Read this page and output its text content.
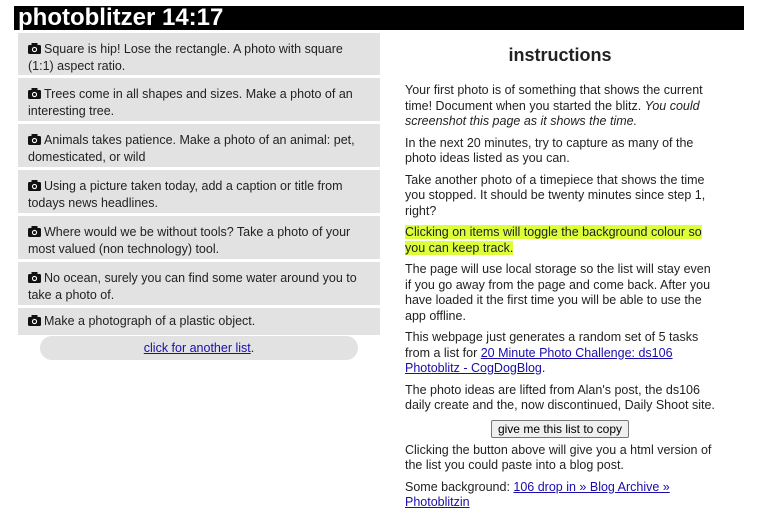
photoblitzer 14:17
Square is hip! Lose the rectangle. A photo with square (1:1) aspect ratio.
Trees come in all shapes and sizes. Make a photo of an interesting tree.
Animals takes patience. Make a photo of an animal: pet, domesticated, or wild
Using a picture taken today, add a caption or title from todays news headlines.
Where would we be without tools? Take a photo of your most valued (non technology) tool.
No ocean, surely you can find some water around you to take a photo of.
Make a photograph of a plastic object.
click for another list.
instructions

Your first photo is of something that shows the current time! Document when you started the blitz. You could screenshot this page as it shows the time.

In the next 20 minutes, try to capture as many of the photo ideas listed as you can.

Take another photo of a timepiece that shows the time you stopped. It should be twenty minutes since step 1, right?

Clicking on items will toggle the background colour so you can keep track.

The page will use local storage so the list will stay even if you go away from the page and come back. After you have loaded it the first time you will be able to use the app offline.

This webpage just generates a random set of 5 tasks from a list for 20 Minute Photo Challenge: ds106 Photoblitz - CogDogBlog.

The photo ideas are lifted from Alan's post, the ds106 daily create and the, now discontinued, Daily Shoot site.

give me this list to copy

Clicking the button above will give you a html version of the list you could paste into a blog post.

Some background: 106 drop in » Blog Archive » Photoblitzin
